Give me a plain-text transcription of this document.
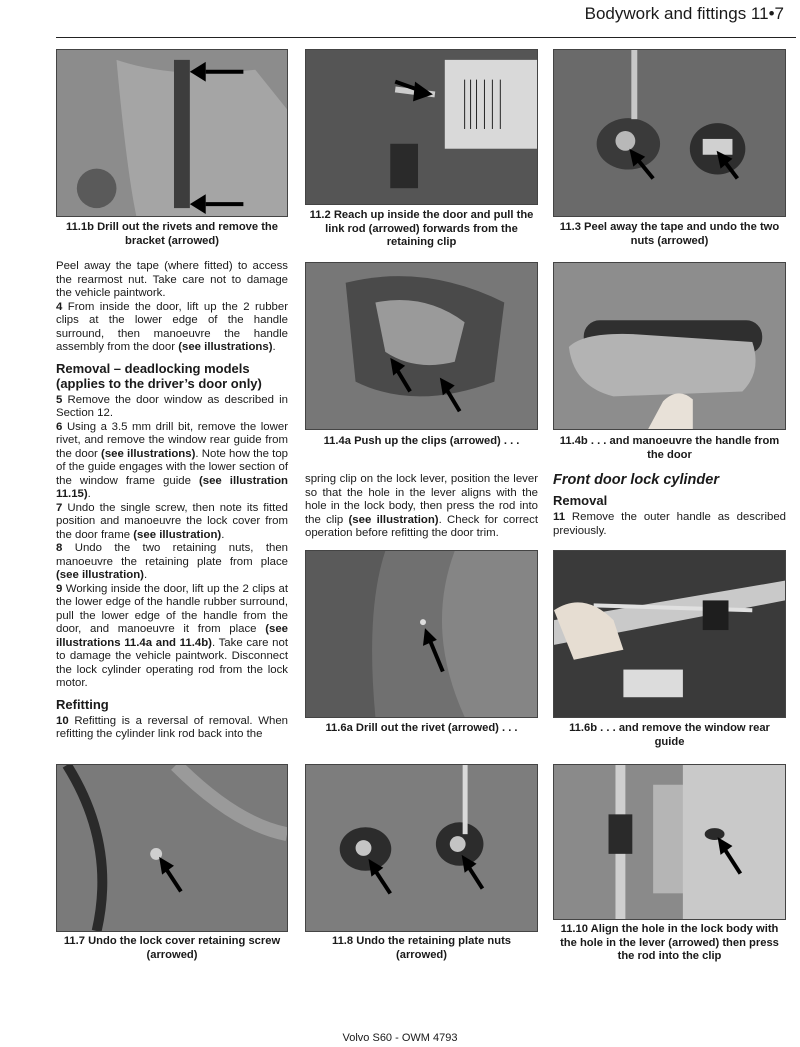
Bodywork and fittings 11•7
11.1b Drill out the rivets and remove the bracket (arrowed)
11.2 Reach up inside the door and pull the link rod (arrowed) forwards from the retaining clip
11.3 Peel away the tape and undo the two nuts (arrowed)
11.4a Push up the clips (arrowed) . . .	11.4b . . . and manoeuvre the handle from the door
11.6a Drill out the rivet (arrowed) . . .	11.6b . . . and remove the window rear guide
11.7 Undo the lock cover retaining screw (arrowed)
11.8 Undo the retaining plate nuts (arrowed)
11.10 Align the hole in the lock body with the hole in the lever (arrowed) then press the rod into the clip

Peel away the tape (where fitted) to access the rearmost nut. Take care not to damage the vehicle paintwork.

4 From inside the door, lift up the 2 rubber clips at the lower edge of the handle surround, then manoeuvre the handle assembly from the door (see illustrations).

Removal – deadlocking models (applies to the driver’s door only)

5 Remove the door window as described in Section 12.

6 Using a 3.5 mm drill bit, remove the lower rivet, and remove the window rear guide from the door (see illustrations). Note how the top of the guide engages with the lower section of the window frame guide (see illustration 11.15).

7 Undo the single screw, then note its fitted position and manoeuvre the lock cover from the door frame (see illustration).

8 Undo the two retaining nuts, then manoeuvre the retaining plate from place (see illustration).

9 Working inside the door, lift up the 2 clips at the lower edge of the handle rubber surround, pull the lower edge of the handle from the door, and manoeuvre it from place (see illustrations 11.4a and 11.4b). Take care not to damage the vehicle paintwork. Disconnect the lock cylinder operating rod from the lock motor.

Refitting

10 Refitting is a reversal of removal. When refitting the cylinder link rod back into the

spring clip on the lock lever, position the lever so that the hole in the lever aligns with the hole in the lock body, then press the rod into the clip (see illustration). Check for correct operation before refitting the door trim.

Front door lock cylinder
Removal

11 Remove the outer handle as described previously.

Volvo S60 - OWM 4793
